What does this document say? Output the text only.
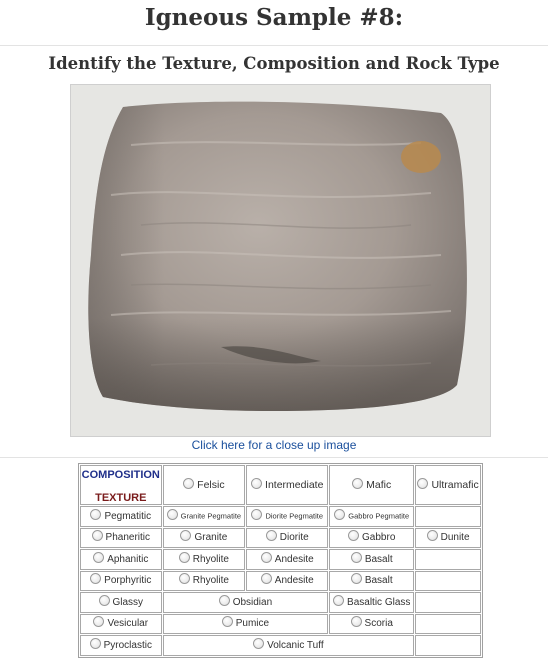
Igneous Sample #8:
Identify the Texture, Composition and Rock Type
Click here for a close up image
COMPOSITION
TEXTURE	Felsic	Intermediate	Mafic	Ultramafic
Pegmatitic	Granite Pegmatite	Diorite Pegmatite	Gabbro Pegmatite	
Phaneritic	Granite	Diorite	Gabbro	Dunite
Aphanitic	Rhyolite	Andesite	Basalt	
Porphyritic	Rhyolite	Andesite	Basalt	
Glassy	Obsidian		Basaltic Glass	
Vesicular	Pumice		Scoria	
Pyroclastic	Volcanic Tuff			
